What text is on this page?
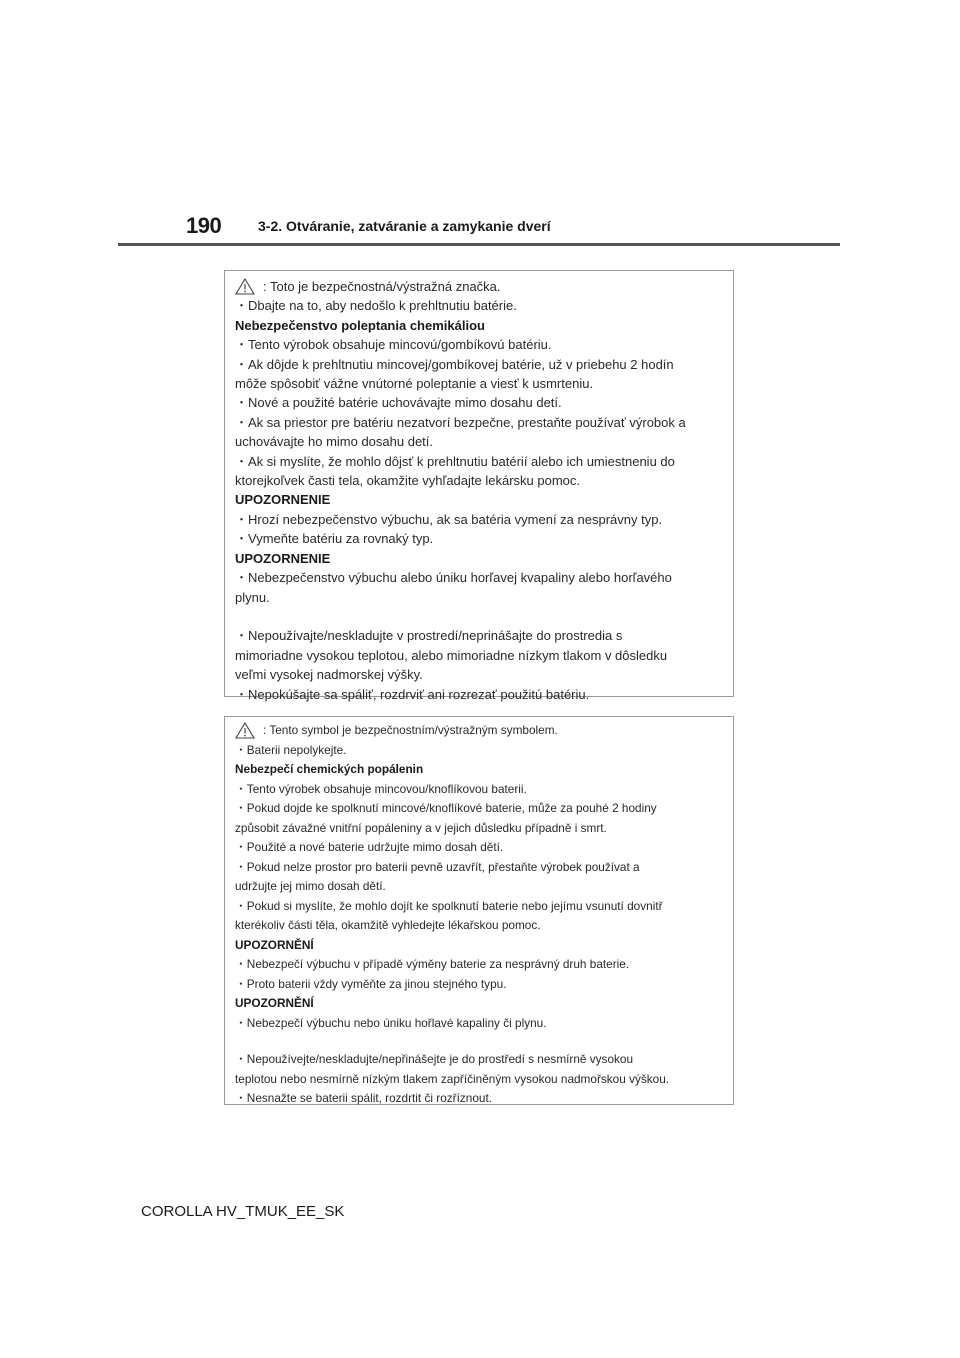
190	3-2. Otváranie, zatváranie a zamykanie dverí
: Toto je bezpečnostná/výstražná značka.
・Dbajte na to, aby nedošlo k prehltnutiu batérie.
Nebezpečenstvo poleptania chemikáliou
・Tento výrobok obsahuje mincovú/gombíkovú batériu.
・Ak dôjde k prehltnutiu mincovej/gombíkovej batérie, už v priebehu 2 hodín
môže spôsobiť vážne vnútorné poleptanie a viesť k usmrteniu.
・Nové a použité batérie uchovávajte mimo dosahu detí.
・Ak sa priestor pre batériu nezatvorí bezpečne, prestaňte používať výrobok a
uchovávajte ho mimo dosahu detí.
・Ak si myslíte, že mohlo dôjsť k prehltnutiu batérií alebo ich umiestneniu do
ktorejkoľvek časti tela, okamžite vyhľadajte lekársku pomoc.
UPOZORNENIE
・Hrozí nebezpečenstvo výbuchu, ak sa batéria vymení za nesprávny typ.
・Vymeňte batériu za rovnaký typ.
UPOZORNENIE
・Nebezpečenstvo výbuchu alebo úniku horľavej kvapaliny alebo horľavého
plynu.
・Nepoužívajte/neskladujte v prostredí/neprinášajte do prostredia s
mimoriadne vysokou teplotou, alebo mimoriadne nízkym tlakom v dôsledku
veľmi vysokej nadmorskej výšky.
・Nepokúšajte sa spáliť, rozdrviť ani rozrezať použitú batériu.
: Tento symbol je bezpečnostním/výstražným symbolem.
・Baterii nepolykejte.
Nebezpečí chemických popálenin
・Tento výrobek obsahuje mincovou/knoflíkovou baterii.
・Pokud dojde ke spolknutí mincové/knoflíkové baterie, může za pouhé 2 hodiny
způsobit závažné vnitřní popáleniny a v jejich důsledku případně i smrt.
・Použité a nové baterie udržujte mimo dosah dětí.
・Pokud nelze prostor pro baterii pevně uzavřít, přestaňte výrobek používat a
udržujte jej mimo dosah dětí.
・Pokud si myslíte, že mohlo dojít ke spolknutí baterie nebo jejímu vsunutí dovnitř
kterékoliv části těla, okamžitě vyhledejte lékařskou pomoc.
UPOZORNĚNÍ
・Nebezpečí výbuchu v případě výměny baterie za nesprávný druh baterie.
・Proto baterii vždy vyměňte za jinou stejného typu.
UPOZORNĚNÍ
・Nebezpečí výbuchu nebo úniku hořlavé kapaliny či plynu.
・Nepoužívejte/neskladujte/nepřinášejte je do prostředí s nesmírně vysokou
teplotou nebo nesmírně nízkým tlakem zapříčiněným vysokou nadmořskou výškou.
・Nesnažte se baterii spálit, rozdrtit či rozříznout.
COROLLA HV_TMUK_EE_SK
